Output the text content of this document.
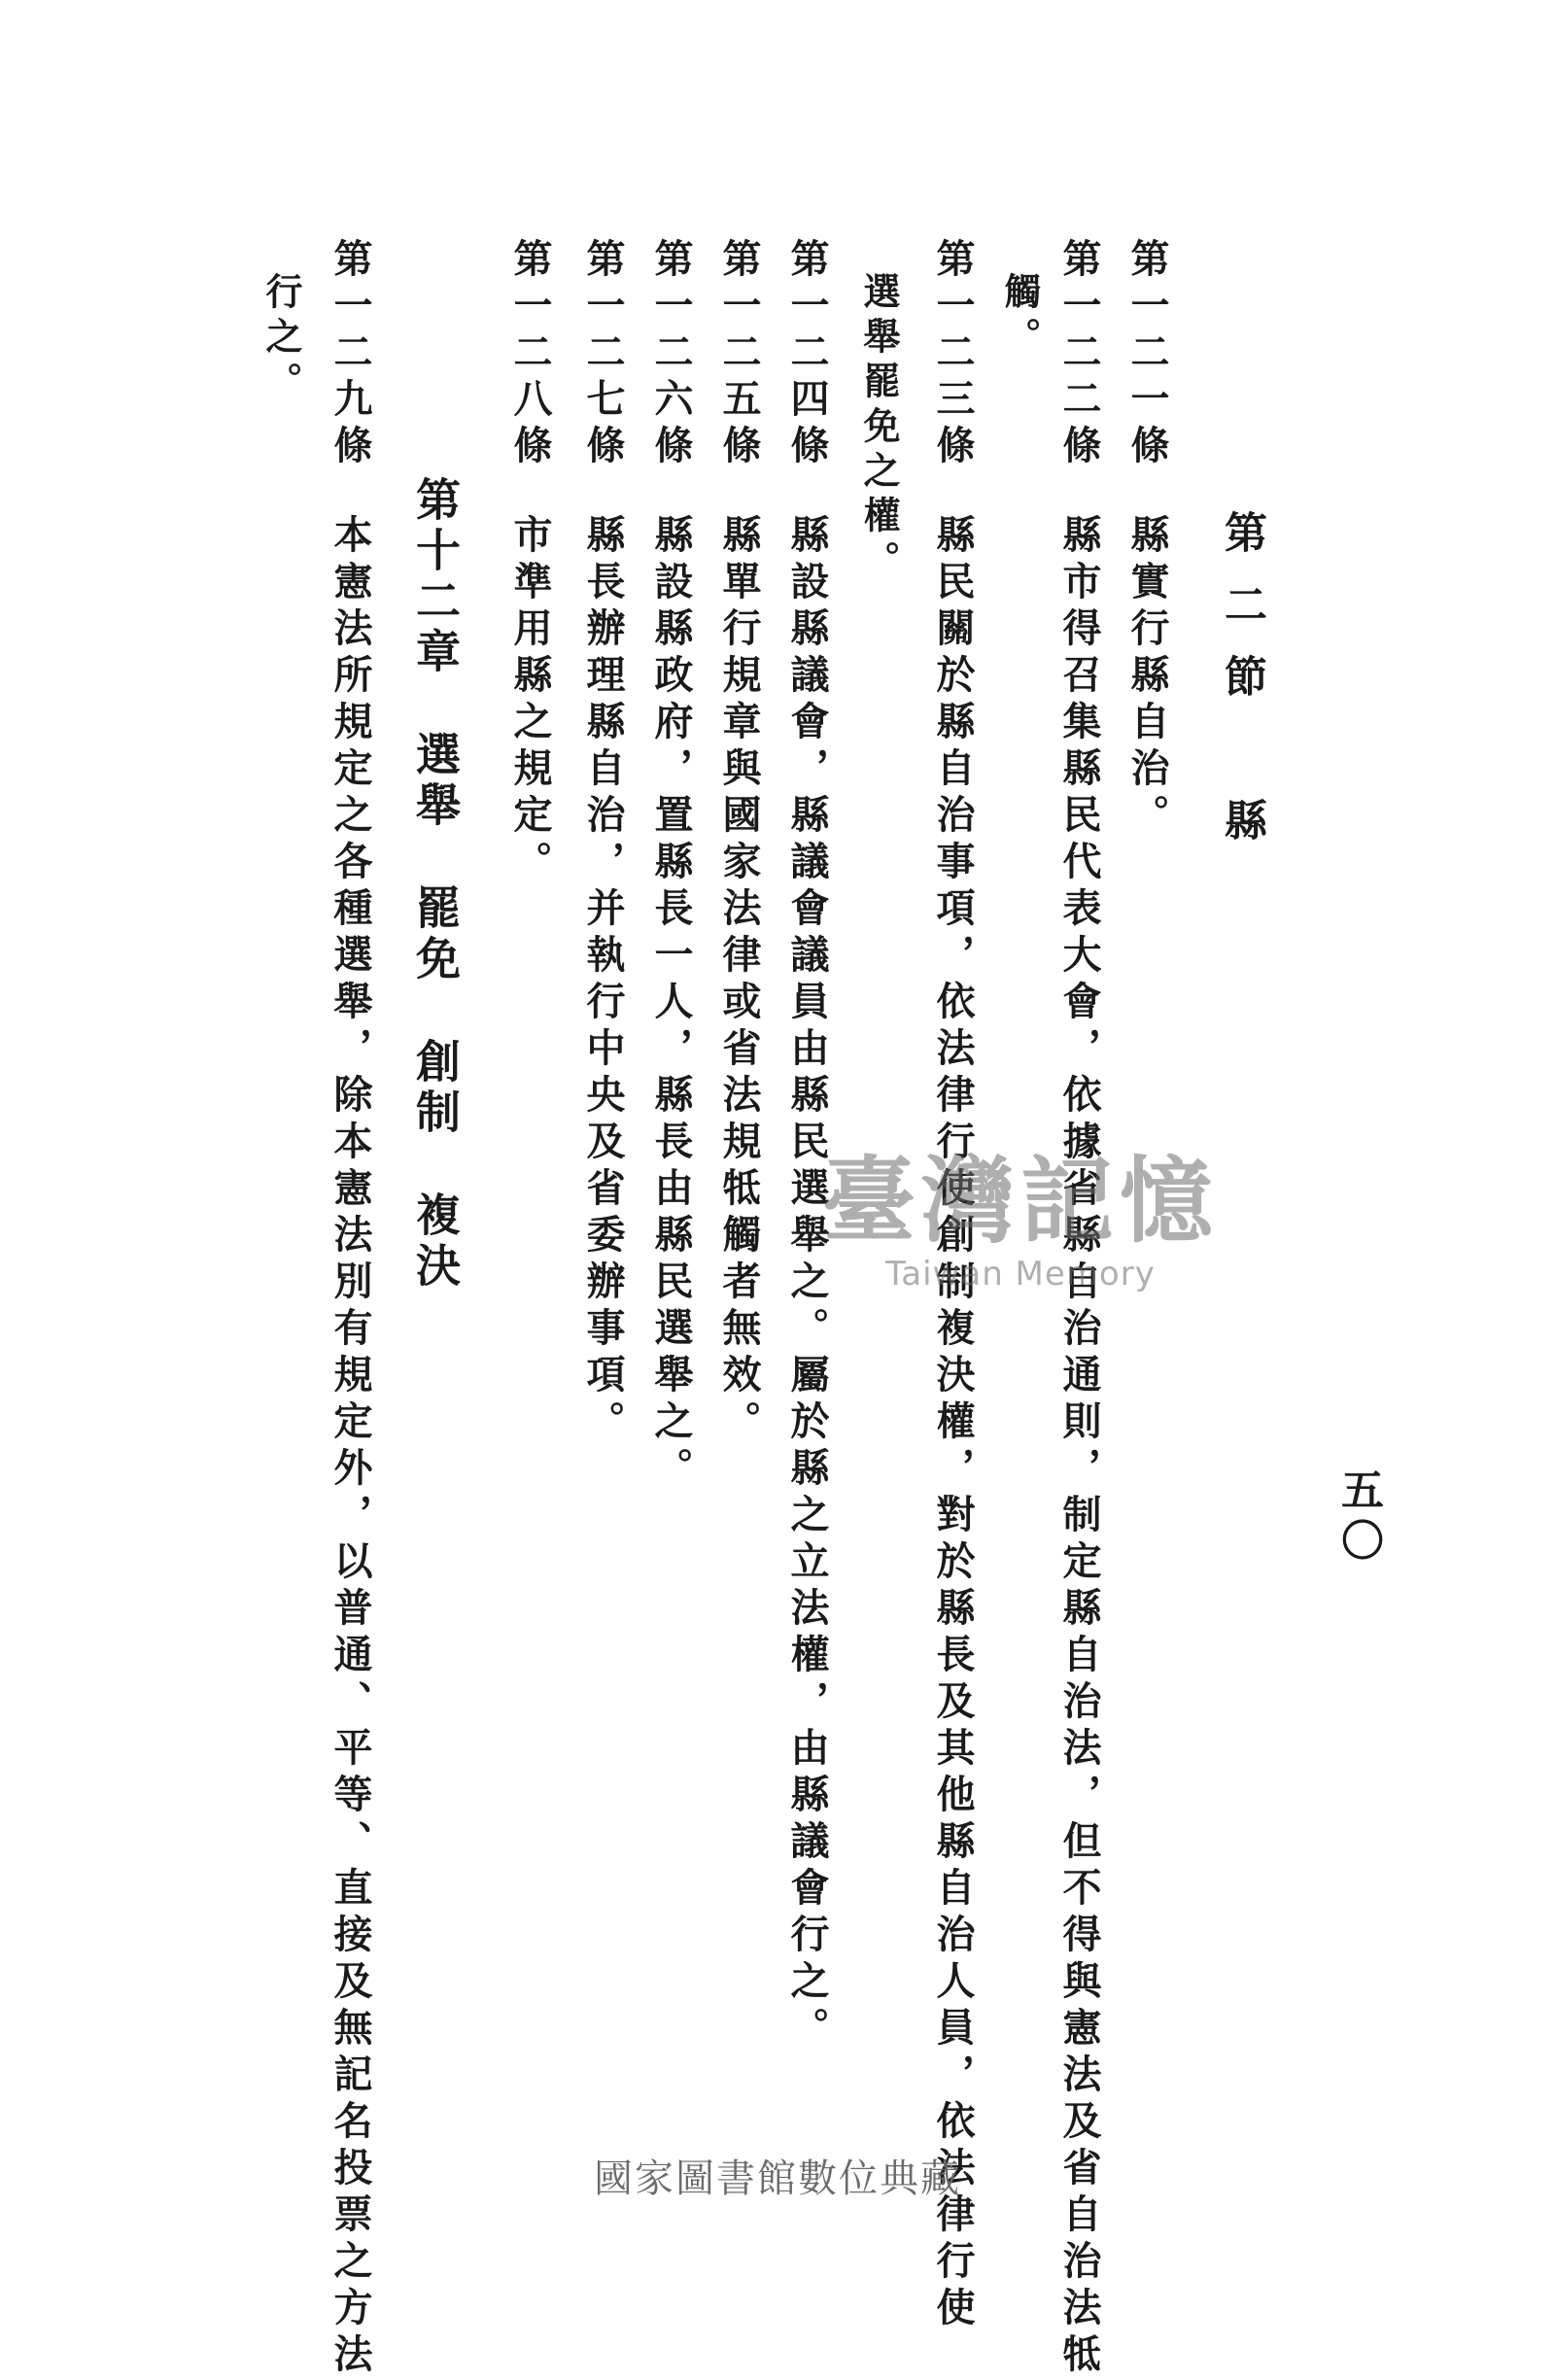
五〇
第二節　縣
第一二一條縣實行縣自治。
第一二二條縣市得召集縣民代表大會，依據省縣自治通則，制定縣自治法，但不得與憲法及省自治法牴
觸。
第一二三條縣民關於縣自治事項，依法律行使創制複決權，對於縣長及其他縣自治人員，依法律行使
選舉罷免之權。
第一二四條縣設縣議會，縣議會議員由縣民選舉之。屬於縣之立法權，由縣議會行之。
第一二五條縣單行規章與國家法律或省法規牴觸者無效。
第一二六條縣設縣政府，置縣長一人，縣長由縣民選舉之。
第一二七條縣長辦理縣自治，并執行中央及省委辦事項。
第一二八條市準用縣之規定。
第十二章選舉罷免創制複決
第一二九條本憲法所規定之各種選舉，除本憲法別有規定外，以普通、平等、直接及無記名投票之方法
行之。
臺灣記憶
Taiwan Memory
國家圖書館數位典藏
